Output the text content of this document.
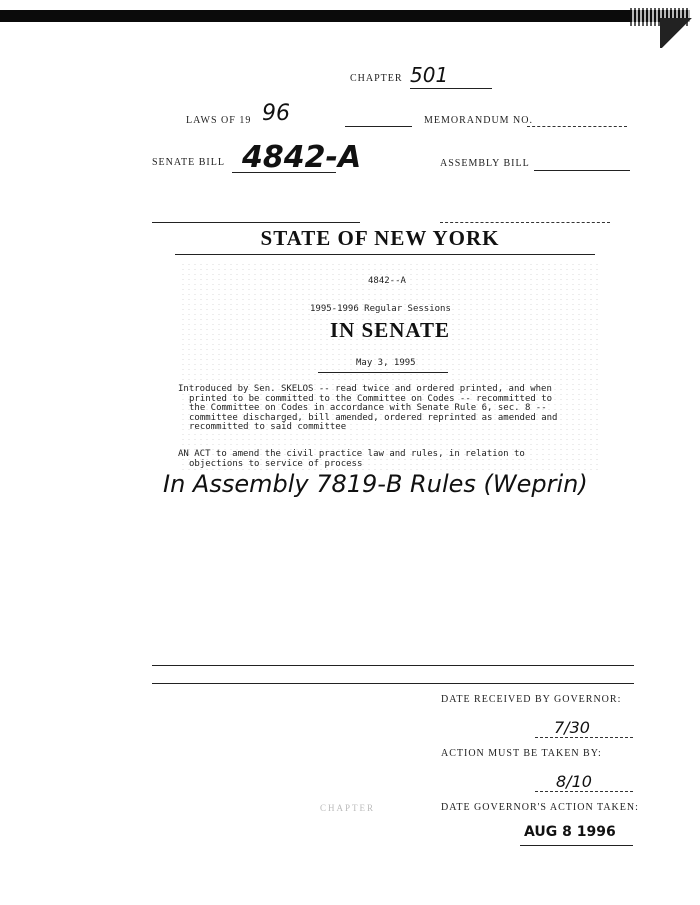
CHAPTER 501
LAWS OF 19 96	MEMORANDUM NO.
SENATE BILL 4842-A	ASSEMBLY BILL
STATE OF NEW YORK
4842--A
1995-1996 Regular Sessions
IN SENATE
May 3, 1995
Introduced by Sen. SKELOS -- read twice and ordered printed, and when
printed to be committed to the Committee on Codes -- recommitted to
the Committee on Codes in accordance with Senate Rule 6, sec. 8 --
committee discharged, bill amended, ordered reprinted as amended and
recommitted to said committee
AN ACT to amend the civil practice law and rules, in relation to
objections to service of process
In Assembly 7819-B Rules (Weprin)
DATE RECEIVED BY GOVERNOR:
7/30
ACTION MUST BE TAKEN BY:
8/10
CHAPTER	DATE GOVERNOR'S ACTION TAKEN:
AUG 8 1996
